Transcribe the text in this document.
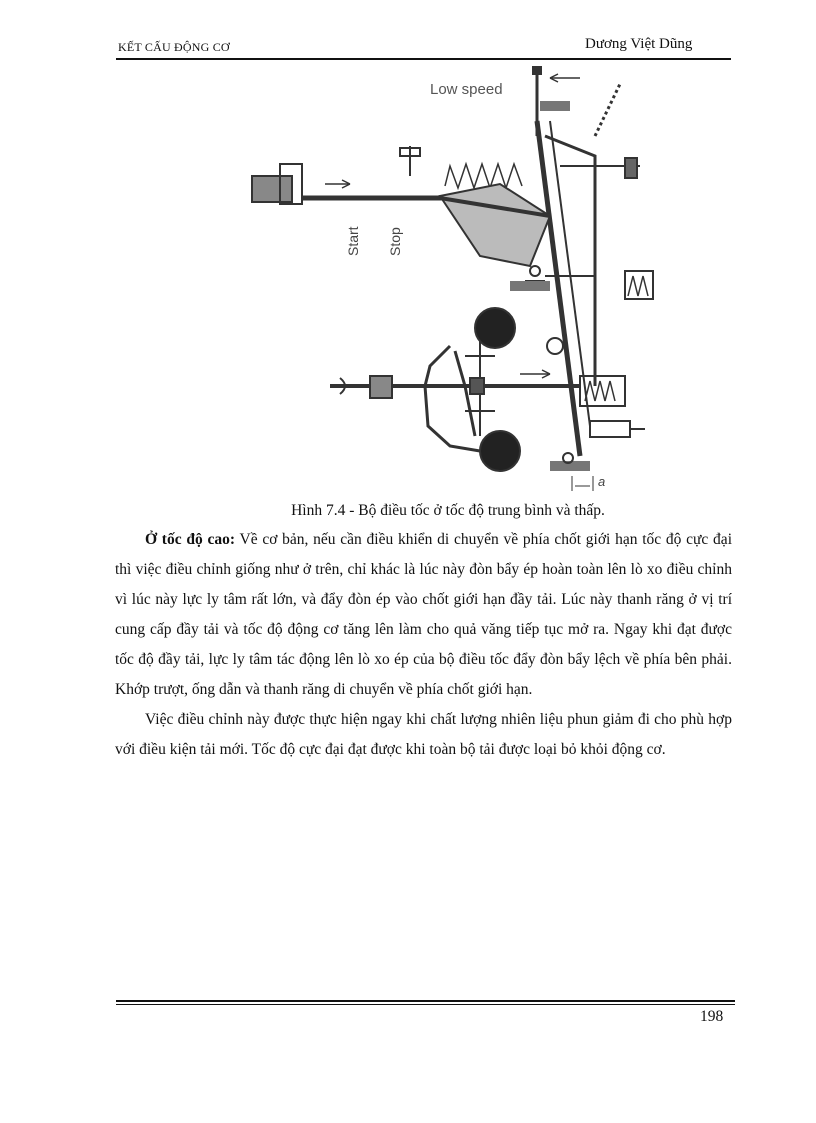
KẾT CẤU ĐỘNG CƠ	Dương Việt Dũng
Low speed
Start Stop
a
Hình 7.4 - Bộ điều tốc ở tốc độ trung bình và thấp.

Ở tốc độ cao: Về cơ bản, nếu cần điều khiển di chuyển về phía chốt giới hạn tốc độ cực đại thì việc điều chỉnh giống như ở trên, chỉ khác là lúc này đòn bẩy ép hoàn toàn lên lò xo điều chỉnh vì lúc này lực ly tâm rất lớn, và đẩy đòn ép vào chốt giới hạn đầy tải. Lúc này thanh răng ở vị trí cung cấp đầy tải và tốc độ động cơ tăng lên làm cho quả văng tiếp tục mở ra. Ngay khi đạt được tốc độ đầy tải, lực ly tâm tác động lên lò xo ép của bộ điều tốc đẩy đòn bẩy lệch về phía bên phải. Khớp trượt, ống dẫn và thanh răng di chuyển về phía chốt giới hạn.

Việc điều chỉnh này được thực hiện ngay khi chất lượng nhiên liệu phun giảm đi cho phù hợp với điều kiện tải mới. Tốc độ cực đại đạt được khi toàn bộ tải được loại bỏ khỏi động cơ.

198
